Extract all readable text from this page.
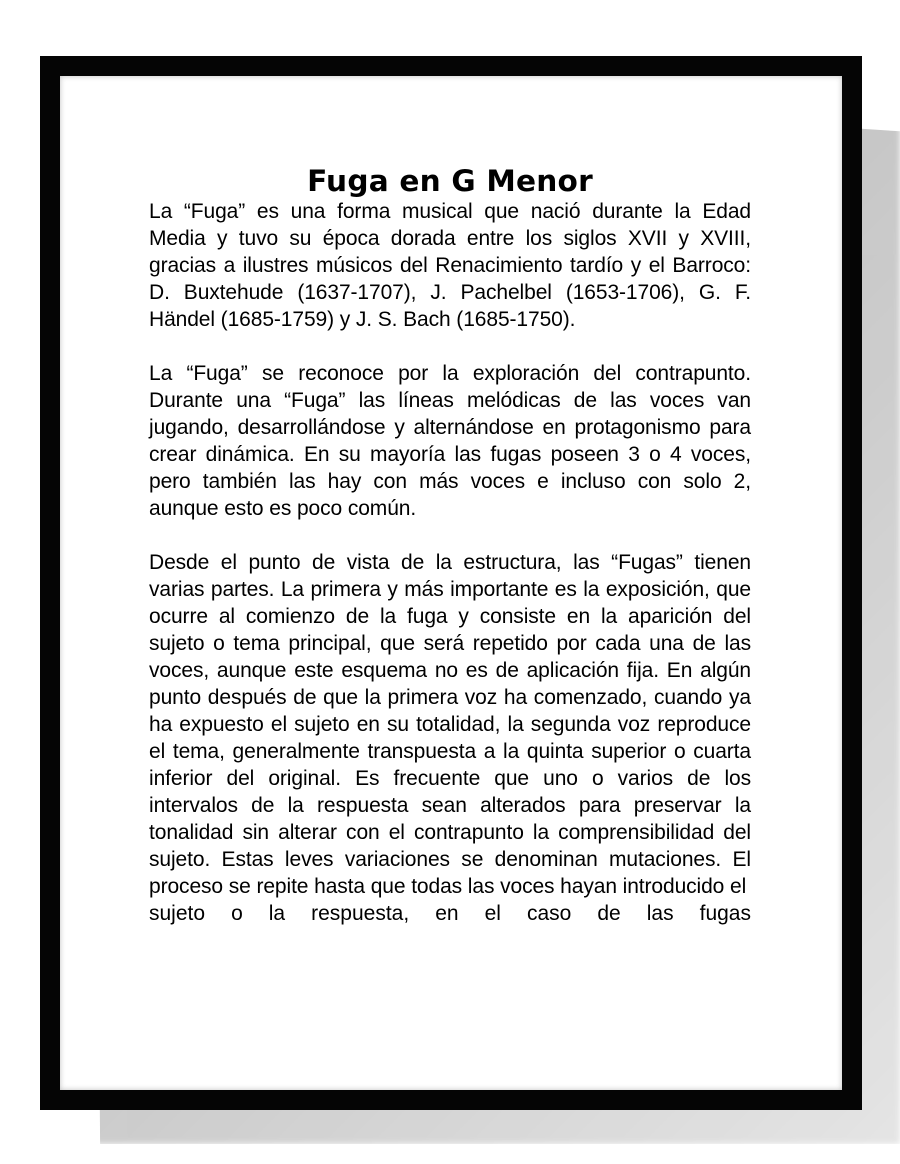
Fuga en G Menor

La “Fuga” es una forma musical que nació durante la Edad Media y tuvo su época dorada entre los siglos XVII y XVIII, gracias a ilustres músicos del Renacimiento tardío y el Barroco: D. Buxtehude (1637-1707), J. Pachelbel (1653-1706), G. F. Händel (1685-1759) y J. S. Bach (1685-1750).

La “Fuga” se reconoce por la exploración del contrapunto. Durante una “Fuga” las líneas melódicas de las voces van jugando, desarrollándose y alternándose en protagonismo para crear dinámica. En su mayoría las fugas poseen 3 o 4 voces, pero también las hay con más voces e incluso con solo 2, aunque esto es poco común.

Desde el punto de vista de la estructura, las “Fugas” tienen varias partes. La primera y más importante es la exposición, que ocurre al comienzo de la fuga y consiste en la aparición del sujeto o tema principal, que será repetido por cada una de las voces, aunque este esquema no es de aplicación fija. En algún punto después de que la primera voz ha comenzado, cuando ya ha expuesto el sujeto en su totalidad, la segunda voz reproduce el tema, generalmente transpuesta a la quinta superior o cuarta inferior del original. Es frecuente que uno o varios de los intervalos de la respuesta sean alterados para preservar la tonalidad sin alterar con el contrapunto la comprensibilidad del sujeto. Estas leves variaciones se denominan mutaciones. El proceso se repite hasta que todas las voces hayan introducido el

sujeto o la respuesta, en el caso de las fugas
